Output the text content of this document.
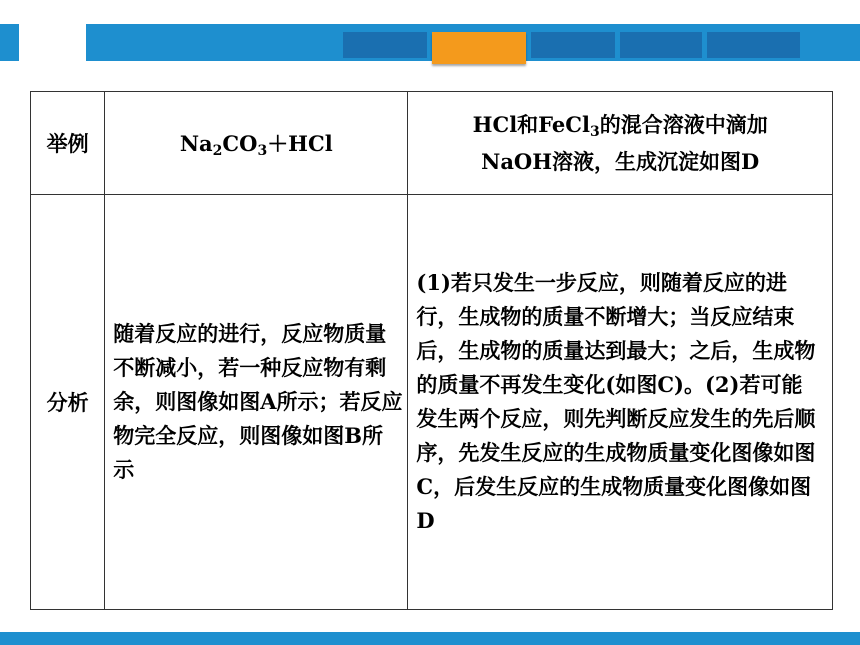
举例	$Na_2CO_3+HCl$	HCl和FeCl$_3$的混合溶液中滴加
NaOH溶液，生成沉淀如图D
分析	随着反应的进行，反应物质量不断减小，若一种反应物有剩余，则图像如图A所示；若反应物完全反应，则图像如图B所示	(1)若只发生一步反应，则随着反应的进行，生成物的质量不断增大；当反应结束后，生成物的质量达到最大；之后，生成物的质量不再发生变化(如图C)。(2)若可能发生两个反应，则先判断反应发生的先后顺序，先发生反应的生成物质量变化图像如图C，后发生反应的生成物质量变化图像如图D
